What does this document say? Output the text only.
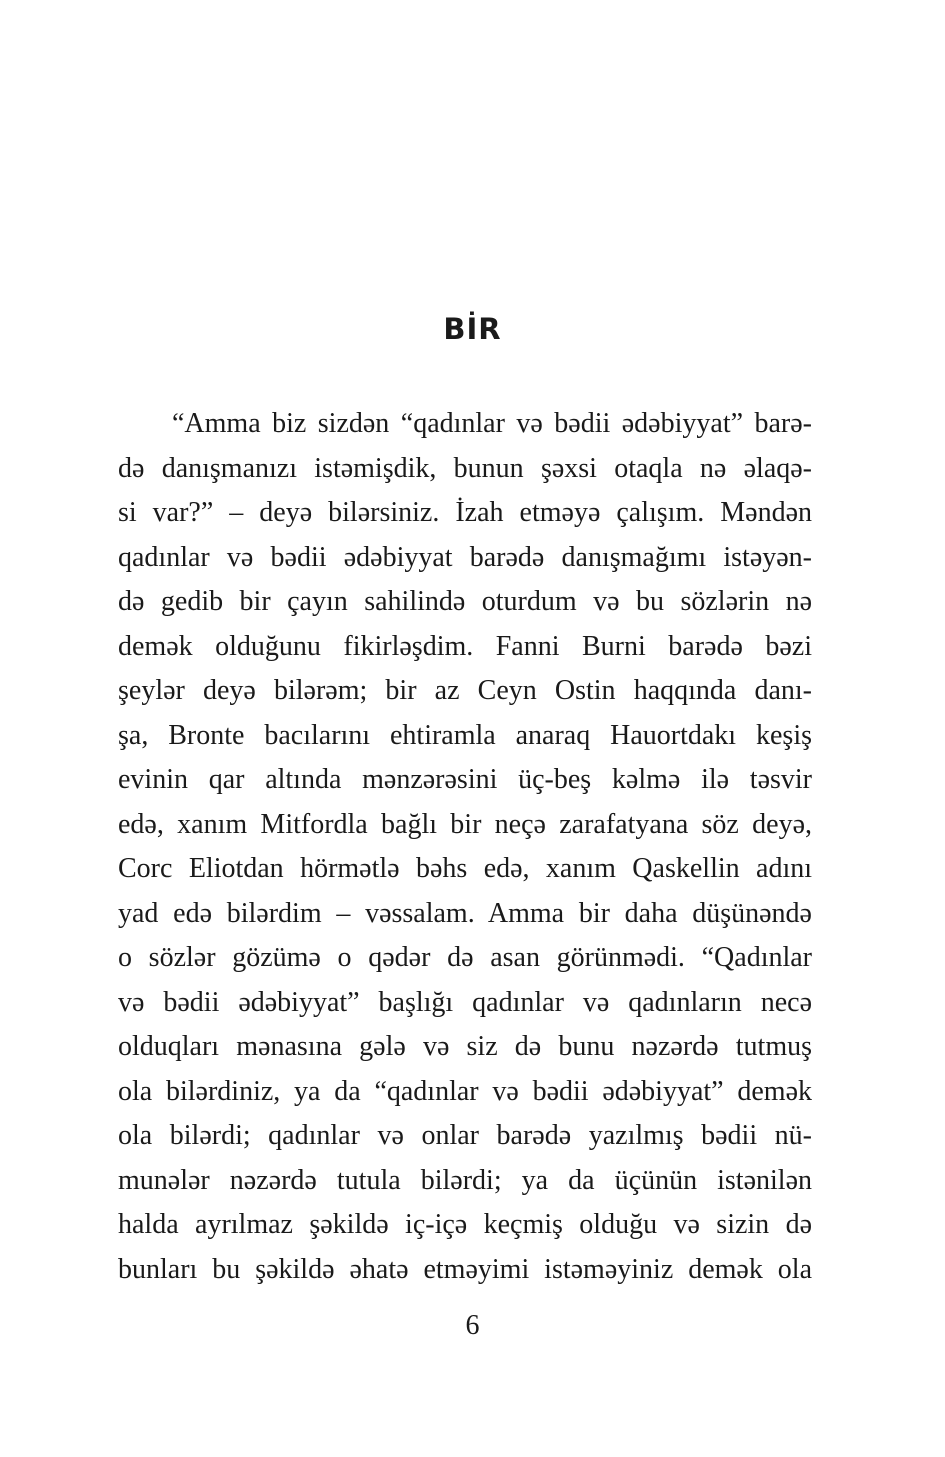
BİR
“Amma biz sizdən “qadınlar və bədii ədəbiyyat” barə-
də danışmanızı istəmişdik, bunun şəxsi otaqla nə əlaqə-
si var?” – deyə bilərsiniz. İzah etməyə çalışım. Məndən
qadınlar və bədii ədəbiyyat barədə danışmağımı istəyən-
də gedib bir çayın sahilində oturdum və bu sözlərin nə
demək olduğunu fikirləşdim. Fanni Burni barədə bəzi
şeylər deyə bilərəm; bir az Ceyn Ostin haqqında danı-
şa, Bronte bacılarını ehtiramla anaraq Hauortdakı keşiş
evinin qar altında mənzərəsini üç-beş kəlmə ilə təsvir
edə, xanım Mitfordla bağlı bir neçə zarafatyana söz deyə,
Corc Eliotdan hörmətlə bəhs edə, xanım Qaskellin adını
yad edə bilərdim – vəssalam. Amma bir daha düşünəndə
o sözlər gözümə o qədər də asan görünmədi. “Qadınlar
və bədii ədəbiyyat” başlığı qadınlar və qadınların necə
olduqları mənasına gələ və siz də bunu nəzərdə tutmuş
ola bilərdiniz, ya da “qadınlar və bədii ədəbiyyat” demək
ola bilərdi; qadınlar və onlar barədə yazılmış bədii nü-
munələr nəzərdə tutula bilərdi; ya da üçünün istənilən
halda ayrılmaz şəkildə iç-içə keçmiş olduğu və sizin də
bunları bu şəkildə əhatə etməyimi istəməyiniz demək ola
6
